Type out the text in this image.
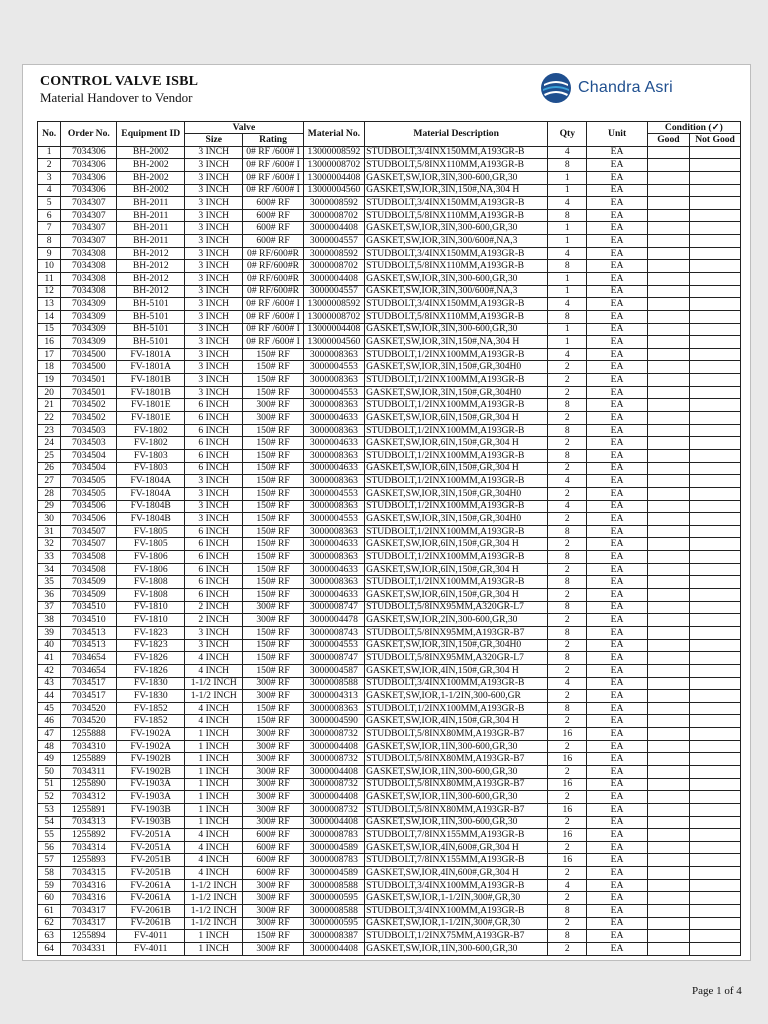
CONTROL VALVE ISBL
Material Handover to Vendor
Chandra Asri
No.	Order No.	Equipment ID	Valve		Material No.	Material Description	Qty	Unit	Condition (✓)	
			Size	Rating					Good	Not Good
1	7034306	BH-2002	3 INCH	0# RF /600# I	13000008592	STUDBOLT,3/4INX150MM,A193GR-B	4	EA		
2	7034306	BH-2002	3 INCH	0# RF /600# I	13000008702	STUDBOLT,5/8INX110MM,A193GR-B	8	EA		
3	7034306	BH-2002	3 INCH	0# RF /600# I	13000004408	GASKET,SW,IOR,3IN,300-600,GR,30	1	EA		
4	7034306	BH-2002	3 INCH	0# RF /600# I	13000004560	GASKET,SW,IOR,3IN,150#,NA,304 H	1	EA		
5	7034307	BH-2011	3 INCH	600# RF	3000008592	STUDBOLT,3/4INX150MM,A193GR-B	4	EA		
6	7034307	BH-2011	3 INCH	600# RF	3000008702	STUDBOLT,5/8INX110MM,A193GR-B	8	EA		
7	7034307	BH-2011	3 INCH	600# RF	3000004408	GASKET,SW,IOR,3IN,300-600,GR,30	1	EA		
8	7034307	BH-2011	3 INCH	600# RF	3000004557	GASKET,SW,IOR,3IN,300/600#,NA,3	1	EA		
9	7034308	BH-2012	3 INCH	0# RF/600#R	3000008592	STUDBOLT,3/4INX150MM,A193GR-B	4	EA		
10	7034308	BH-2012	3 INCH	0# RF/600#R	3000008702	STUDBOLT,5/8INX110MM,A193GR-B	8	EA		
11	7034308	BH-2012	3 INCH	0# RF/600#R	3000004408	GASKET,SW,IOR,3IN,300-600,GR,30	1	EA		
12	7034308	BH-2012	3 INCH	0# RF/600#R	3000004557	GASKET,SW,IOR,3IN,300/600#,NA,3	1	EA		
13	7034309	BH-5101	3 INCH	0# RF /600# I	13000008592	STUDBOLT,3/4INX150MM,A193GR-B	4	EA		
14	7034309	BH-5101	3 INCH	0# RF /600# I	13000008702	STUDBOLT,5/8INX110MM,A193GR-B	8	EA		
15	7034309	BH-5101	3 INCH	0# RF /600# I	13000004408	GASKET,SW,IOR,3IN,300-600,GR,30	1	EA		
16	7034309	BH-5101	3 INCH	0# RF /600# I	13000004560	GASKET,SW,IOR,3IN,150#,NA,304 H	1	EA		
17	7034500	FV-1801A	3 INCH	150# RF	3000008363	STUDBOLT,1/2INX100MM,A193GR-B	4	EA		
18	7034500	FV-1801A	3 INCH	150# RF	3000004553	GASKET,SW,IOR,3IN,150#,GR,304H0	2	EA		
19	7034501	FV-1801B	3 INCH	150# RF	3000008363	STUDBOLT,1/2INX100MM,A193GR-B	2	EA		
20	7034501	FV-1801B	3 INCH	150# RF	3000004553	GASKET,SW,IOR,3IN,150#,GR,304H0	2	EA		
21	7034502	FV-1801E	6 INCH	300# RF	3000008363	STUDBOLT,1/2INX100MM,A193GR-B	8	EA		
22	7034502	FV-1801E	6 INCH	300# RF	3000004633	GASKET,SW,IOR,6IN,150#,GR,304 H	2	EA		
23	7034503	FV-1802	6 INCH	150# RF	3000008363	STUDBOLT,1/2INX100MM,A193GR-B	8	EA		
24	7034503	FV-1802	6 INCH	150# RF	3000004633	GASKET,SW,IOR,6IN,150#,GR,304 H	2	EA		
25	7034504	FV-1803	6 INCH	150# RF	3000008363	STUDBOLT,1/2INX100MM,A193GR-B	8	EA		
26	7034504	FV-1803	6 INCH	150# RF	3000004633	GASKET,SW,IOR,6IN,150#,GR,304 H	2	EA		
27	7034505	FV-1804A	3 INCH	150# RF	3000008363	STUDBOLT,1/2INX100MM,A193GR-B	4	EA		
28	7034505	FV-1804A	3 INCH	150# RF	3000004553	GASKET,SW,IOR,3IN,150#,GR,304H0	2	EA		
29	7034506	FV-1804B	3 INCH	150# RF	3000008363	STUDBOLT,1/2INX100MM,A193GR-B	4	EA		
30	7034506	FV-1804B	3 INCH	150# RF	3000004553	GASKET,SW,IOR,3IN,150#,GR,304H0	2	EA		
31	7034507	FV-1805	6 INCH	150# RF	3000008363	STUDBOLT,1/2INX100MM,A193GR-B	8	EA		
32	7034507	FV-1805	6 INCH	150# RF	3000004633	GASKET,SW,IOR,6IN,150#,GR,304 H	2	EA		
33	7034508	FV-1806	6 INCH	150# RF	3000008363	STUDBOLT,1/2INX100MM,A193GR-B	8	EA		
34	7034508	FV-1806	6 INCH	150# RF	3000004633	GASKET,SW,IOR,6IN,150#,GR,304 H	2	EA		
35	7034509	FV-1808	6 INCH	150# RF	3000008363	STUDBOLT,1/2INX100MM,A193GR-B	8	EA		
36	7034509	FV-1808	6 INCH	150# RF	3000004633	GASKET,SW,IOR,6IN,150#,GR,304 H	2	EA		
37	7034510	FV-1810	2 INCH	300# RF	3000008747	STUDBOLT,5/8INX95MM,A320GR-L7	8	EA		
38	7034510	FV-1810	2 INCH	300# RF	3000004478	GASKET,SW,IOR,2IN,300-600,GR,30	2	EA		
39	7034513	FV-1823	3 INCH	150# RF	3000008743	STUDBOLT,5/8INX95MM,A193GR-B7	8	EA		
40	7034513	FV-1823	3 INCH	150# RF	3000004553	GASKET,SW,IOR,3IN,150#,GR,304H0	2	EA		
41	7034654	FV-1826	4 INCH	150# RF	3000008747	STUDBOLT,5/8INX95MM,A320GR-L7	8	EA		
42	7034654	FV-1826	4 INCH	150# RF	3000004587	GASKET,SW,IOR,4IN,150#,GR,304 H	2	EA		
43	7034517	FV-1830	1-1/2 INCH	300# RF	3000008588	STUDBOLT,3/4INX100MM,A193GR-B	4	EA		
44	7034517	FV-1830	1-1/2 INCH	300# RF	3000004313	GASKET,SW,IOR,1-1/2IN,300-600,GR	2	EA		
45	7034520	FV-1852	4 INCH	150# RF	3000008363	STUDBOLT,1/2INX100MM,A193GR-B	8	EA		
46	7034520	FV-1852	4 INCH	150# RF	3000004590	GASKET,SW,IOR,4IN,150#,GR,304 H	2	EA		
47	1255888	FV-1902A	1 INCH	300# RF	3000008732	STUDBOLT,5/8INX80MM,A193GR-B7	16	EA		
48	7034310	FV-1902A	1 INCH	300# RF	3000004408	GASKET,SW,IOR,1IN,300-600,GR,30	2	EA		
49	1255889	FV-1902B	1 INCH	300# RF	3000008732	STUDBOLT,5/8INX80MM,A193GR-B7	16	EA		
50	7034311	FV-1902B	1 INCH	300# RF	3000004408	GASKET,SW,IOR,1IN,300-600,GR,30	2	EA		
51	1255890	FV-1903A	1 INCH	300# RF	3000008732	STUDBOLT,5/8INX80MM,A193GR-B7	16	EA		
52	7034312	FV-1903A	1 INCH	300# RF	3000004408	GASKET,SW,IOR,1IN,300-600,GR,30	2	EA		
53	1255891	FV-1903B	1 INCH	300# RF	3000008732	STUDBOLT,5/8INX80MM,A193GR-B7	16	EA		
54	7034313	FV-1903B	1 INCH	300# RF	3000004408	GASKET,SW,IOR,1IN,300-600,GR,30	2	EA		
55	1255892	FV-2051A	4 INCH	600# RF	3000008783	STUDBOLT,7/8INX155MM,A193GR-B	16	EA		
56	7034314	FV-2051A	4 INCH	600# RF	3000004589	GASKET,SW,IOR,4IN,600#,GR,304 H	2	EA		
57	1255893	FV-2051B	4 INCH	600# RF	3000008783	STUDBOLT,7/8INX155MM,A193GR-B	16	EA		
58	7034315	FV-2051B	4 INCH	600# RF	3000004589	GASKET,SW,IOR,4IN,600#,GR,304 H	2	EA		
59	7034316	FV-2061A	1-1/2 INCH	300# RF	3000008588	STUDBOLT,3/4INX100MM,A193GR-B	4	EA		
60	7034316	FV-2061A	1-1/2 INCH	300# RF	3000000595	GASKET,SW,IOR,1-1/2IN,300#,GR,30	2	EA		
61	7034317	FV-2061B	1-1/2 INCH	300# RF	3000008588	STUDBOLT,3/4INX100MM,A193GR-B	8	EA		
62	7034317	FV-2061B	1-1/2 INCH	300# RF	3000000595	GASKET,SW,IOR,1-1/2IN,300#,GR,30	2	EA		
63	1255894	FV-4011	1 INCH	150# RF	3000008387	STUDBOLT,1/2INX75MM,A193GR-B7	8	EA		
64	7034331	FV-4011	1 INCH	300# RF	3000004408	GASKET,SW,IOR,1IN,300-600,GR,30	2	EA		
Page 1 of 4
